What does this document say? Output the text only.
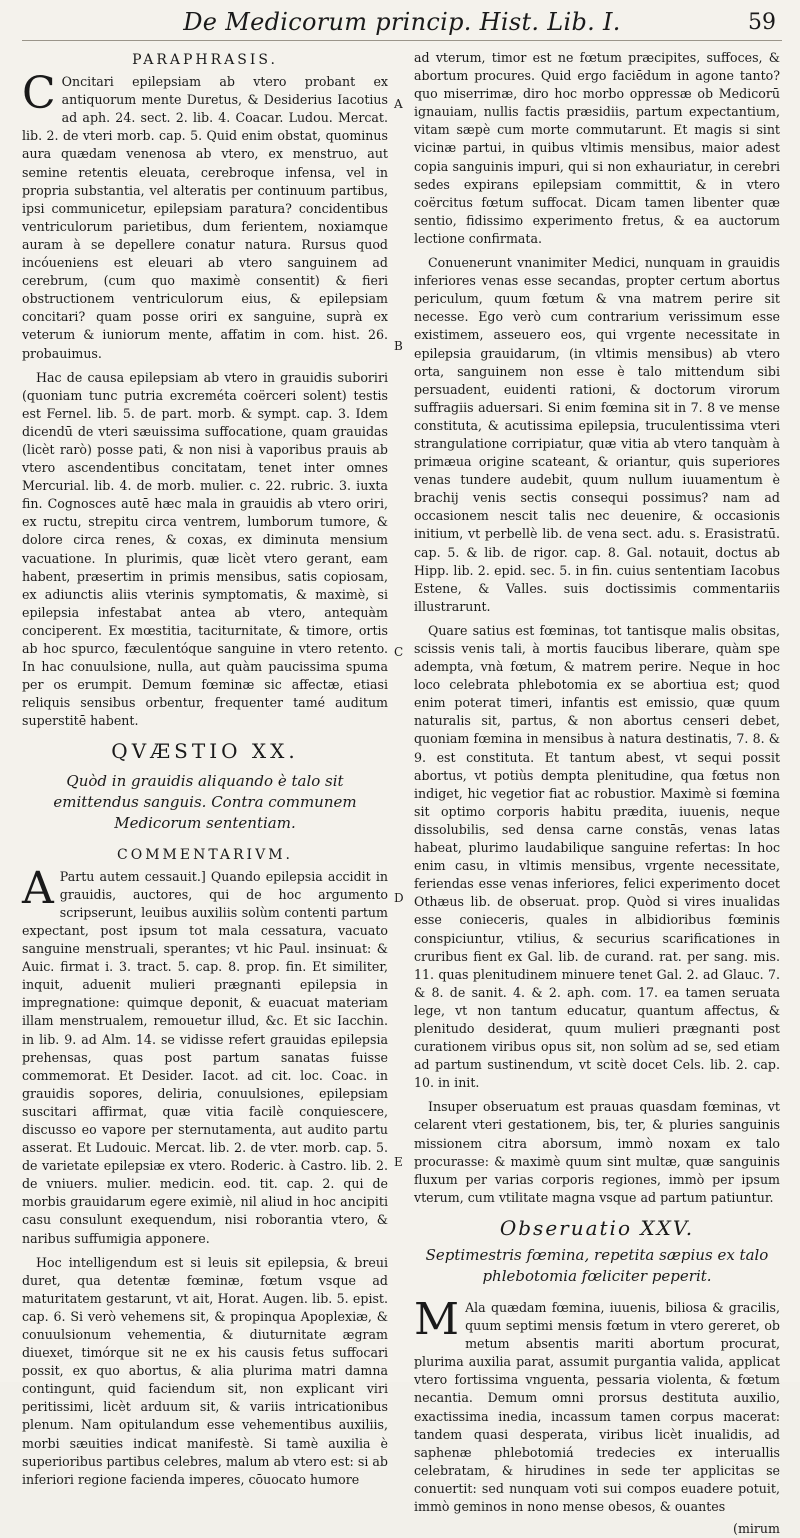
De Medicorum princip. Hist. Lib. I.	59
PARAPHRASIS.

C Oncitari epilepsiam ab vtero probant ex antiquorum mente Duretus, & Desiderius Iacotius ad aph. 24. sect. 2. lib. 4. Coacar. Ludou. Mercat. lib. 2. de vteri morb. cap. 5. Quid enim obstat, quominus aura quædam venenosa ab vtero, ex menstruo, aut semine retentis eleuata, cerebroque infensa, vel in propria substantia, vel alteratis per continuum partibus, ipsi communicetur, epilepsiam paratura? concidentibus ventriculorum parietibus, dum ferientem, noxiamque auram à se depellere conatur natura. Rursus quod incóueniens est eleuari ab vtero sanguinem ad cerebrum, (cum quo maximè consentit) & fieri obstructionem ventriculorum eius, & epilepsiam concitari? quam posse oriri ex sanguine, suprà ex veterum & iuniorum mente, affatim in com. hist. 26. probauimus.

Hac de causa epilepsiam ab vtero in grauidis suboriri (quoniam tunc putria excreméta coërceri solent) testis est Fernel. lib. 5. de part. morb. & sympt. cap. 3. Idem dicendū de vteri sæuissima suffocatione, quam grauidas (licèt rarò) posse pati, & non nisi à vaporibus prauis ab vtero ascendentibus concitatam, tenet inter omnes Mercurial. lib. 4. de morb. mulier. c. 22. rubric. 3. iuxta fin. Cognosces autē hæc mala in grauidis ab vtero oriri, ex ructu, strepitu circa ventrem, lumborum tumore, & dolore circa renes, & coxas, ex diminuta mensium vacuatione. In plurimis, quæ licèt vtero gerant, eam habent, præsertim in primis mensibus, satis copiosam, ex adiunctis aliis vterinis symptomatis, & maximè, si epilepsia infestabat antea ab vtero, antequàm conciperent. Ex mœstitia, taciturnitate, & timore, ortis ab hoc spurco, fæculentóque sanguine in vtero retento. In hac conuulsione, nulla, aut quàm paucissima spuma per os erumpit. Demum fœminæ sic affectæ, etiasi reliquis sensibus orbentur, frequenter tamé auditum superstitē habent.

QVÆSTIO XX.
Quòd in grauidis aliquando è talo sit emittendus sanguis. Contra communem Medicorum sententiam.
COMMENTARIVM.

A Partu autem cessauit.] Quando epilepsia accidit in grauidis, auctores, qui de hoc argumento scripserunt, leuibus auxiliis solùm contenti partum expectant, post ipsum tot mala cessatura, vacuato sanguine menstruali, sperantes; vt hic Paul. insinuat: & Auic. firmat i. 3. tract. 5. cap. 8. prop. fin. Et similiter, inquit, aduenit mulieri prægnanti epilepsia in impregnatione: quimque deponit, & euacuat materiam illam menstrualem, remouetur illud, &c. Et sic Iacchin. in lib. 9. ad Alm. 14. se vidisse refert grauidas epilepsia prehensas, quas post partum sanatas fuisse commemorat. Et Desider. Iacot. ad cit. loc. Coac. in grauidis sopores, deliria, conuulsiones, epilepsiam suscitari affirmat, quæ vitia facilè conquiescere, discusso eo vapore per sternutamenta, aut audito partu asserat. Et Ludouic. Mercat. lib. 2. de vter. morb. cap. 5. de varietate epilepsiæ ex vtero. Roderic. à Castro. lib. 2. de vniuers. mulier. medicin. eod. tit. cap. 2. qui de morbis grauidarum egere eximiè, nil aliud in hoc ancipiti casu consulunt exequendum, nisi roborantia vtero, & naribus suffumigia apponere.

Hoc intelligendum est si leuis sit epilepsia, & breui duret, qua detentæ fœminæ, fœtum vsque ad maturitatem gestarunt, vt ait, Horat. Augen. lib. 5. epist. cap. 6. Si verò vehemens sit, & propinqua Apoplexiæ, & conuulsionum vehementia, & diuturnitate ægram diuexet, timórque sit ne ex his causis fetus suffocari possit, ex quo abortus, & alia plurima matri damna contingunt, quid faciendum sit, non explicant viri peritissimi, licèt arduum sit, & variis intricationibus plenum. Nam opitulandum esse vehementibus auxiliis, morbi sæuities indicat manifestè. Si tamè auxilia è superioribus partibus celebres, malum ab vtero est: si ab inferiori regione facienda imperes, cōuocato humore

A
B
C
D
E

ad vterum, timor est ne fœtum præcipites, suffoces, & abortum procures. Quid ergo faciēdum in agone tanto? quo miserrimæ, diro hoc morbo oppressæ ob Medicorū ignauiam, nullis factis præsidiis, partum expectantium, vitam sæpè cum morte commutarunt. Et magis si sint vicinæ partui, in quibus vltimis mensibus, maior adest copia sanguinis impuri, qui si non exhauriatur, in cerebri sedes expirans epilepsiam committit, & in vtero coërcitus fœtum suffocat. Dicam tamen libenter quæ sentio, fidissimo experimento fretus, & ea auctorum lectione confirmata.

Conuenerunt vnanimiter Medici, nunquam in grauidis inferiores venas esse secandas, propter certum abortus periculum, quum fœtum & vna matrem perire sit necesse. Ego verò cum contrarium verissimum esse existimem, asseuero eos, qui vrgente necessitate in epilepsia grauidarum, (in vltimis mensibus) ab vtero orta, sanguinem non esse è talo mittendum sibi persuadent, euidenti rationi, & doctorum virorum suffragiis aduersari. Si enim fœmina sit in 7. 8 ve mense constituta, & acutissima epilepsia, truculentissima vteri strangulatione corripiatur, quæ vitia ab vtero tanquàm à primæua origine scateant, & oriantur, quis superiores venas tundere audebit, quum nullum iuuamentum è brachij venis sectis consequi possimus? nam ad occasionem nescit talis nec deuenire, & occasionis initium, vt perbellè lib. de vena sect. adu. s. Erasistratū. cap. 5. & lib. de rigor. cap. 8. Gal. notauit, doctus ab Hipp. lib. 2. epid. sec. 5. in fin. cuius sententiam Iacobus Estene, & Valles. suis doctissimis commentariis illustrarunt.

Quare satius est fœminas, tot tantisque malis obsitas, scissis venis tali, à mortis faucibus liberare, quàm spe adempta, vnà fœtum, & matrem perire. Neque in hoc loco celebrata phlebotomia ex se abortiua est; quod enim poterat timeri, infantis est emissio, quæ quum naturalis sit, partus, & non abortus censeri debet, quoniam fœmina in mensibus à natura destinatis, 7. 8. & 9. est constituta. Et tantum abest, vt sequi possit abortus, vt potiùs dempta plenitudine, qua fœtus non indiget, hic vegetior fiat ac robustior. Maximè si fœmina sit optimo corporis habitu prædita, iuuenis, neque dissolubilis, sed densa carne constās, venas latas habeat, plurimo laudabilique sanguine refertas: In hoc enim casu, in vltimis mensibus, vrgente necessitate, feriendas esse venas inferiores, felici experimento docet Othæus lib. de obseruat. prop. Quòd si vires inualidas esse conieceris, quales in albidioribus fœminis conspiciuntur, vtilius, & securius scarificationes in cruribus fient ex Gal. lib. de curand. rat. per sang. mis. 11. quas plenitudinem minuere tenet Gal. 2. ad Glauc. 7. & 8. de sanit. 4. & 2. aph. com. 17. ea tamen seruata lege, vt non tantum educatur, quantum affectus, & plenitudo desiderat, quum mulieri prægnanti post curationem viribus opus sit, non solùm ad se, sed etiam ad partum sustinendum, vt scitè docet Cels. lib. 2. cap. 10. in init.

Insuper obseruatum est prauas quasdam fœminas, vt celarent vteri gestationem, bis, ter, & pluries sanguinis missionem citra aborsum, immò noxam ex talo procurasse: & maximè quum sint multæ, quæ sanguinis fluxum per varias corporis regiones, immò per ipsum vterum, cum vtilitate magna vsque ad partum patiuntur.

Obseruatio XXV.
Septimestris fœmina, repetita sæpius ex talo phlebotomia fœliciter peperit.

M Ala quædam fœmina, iuuenis, biliosa & gracilis, quum septimi mensis fœtum in vtero gereret, ob metum absentis mariti abortum procurat, plurima auxilia parat, assumit purgantia valida, applicat vtero fortissima vnguenta, pessaria violenta, & fœtum necantia. Demum omni prorsus destituta auxilio, exactissima inedia, incassum tamen corpus macerat: tandem quasi desperata, viribus licèt inualidis, ad saphenæ phlebotomiá tredecies ex interuallis celebratam, & hirudines in sede ter applicitas se conuertit: sed nunquam voti sui compos euadere potuit, immò geminos in nono mense obesos, & ouantes

(mirum
